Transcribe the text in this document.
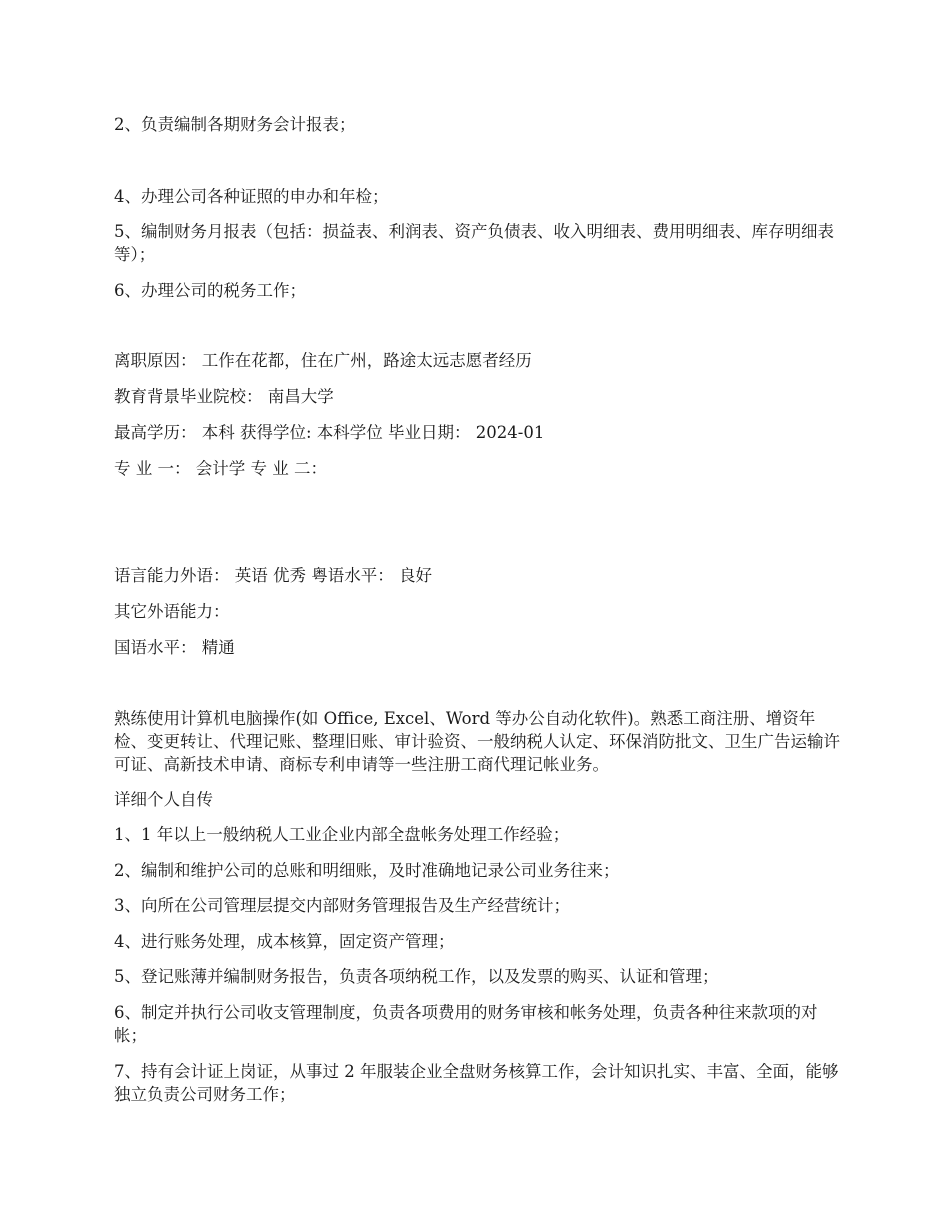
2、负责编制各期财务会计报表；
4、办理公司各种证照的申办和年检；
5、编制财务月报表（包括：损益表、利润表、资产负债表、收入明细表、费用明细表、库存明细表等）；
6、办理公司的税务工作；
离职原因： 工作在花都，住在广州，路途太远志愿者经历
教育背景毕业院校： 南昌大学
最高学历： 本科 获得学位: 本科学位 毕业日期： 2024-01
专 业 一： 会计学 专 业 二：
语言能力外语： 英语 优秀 粤语水平： 良好
其它外语能力：
国语水平： 精通
熟练使用计算机电脑操作(如 Office, Excel、Word 等办公自动化软件)。熟悉工商注册、增资年检、变更转让、代理记账、整理旧账、审计验资、一般纳税人认定、环保消防批文、卫生广告运输许可证、高新技术申请、商标专利申请等一些注册工商代理记帐业务。
详细个人自传
1、1 年以上一般纳税人工业企业内部全盘帐务处理工作经验；
2、编制和维护公司的总账和明细账，及时准确地记录公司业务往来；
3、向所在公司管理层提交内部财务管理报告及生产经营统计；
4、进行账务处理，成本核算，固定资产管理；
5、登记账薄并编制财务报告，负责各项纳税工作，以及发票的购买、认证和管理；
6、制定并执行公司收支管理制度，负责各项费用的财务审核和帐务处理，负责各种往来款项的对帐；
7、持有会计证上岗证，从事过 2 年服装企业全盘财务核算工作，会计知识扎实、丰富、全面，能够独立负责公司财务工作；
